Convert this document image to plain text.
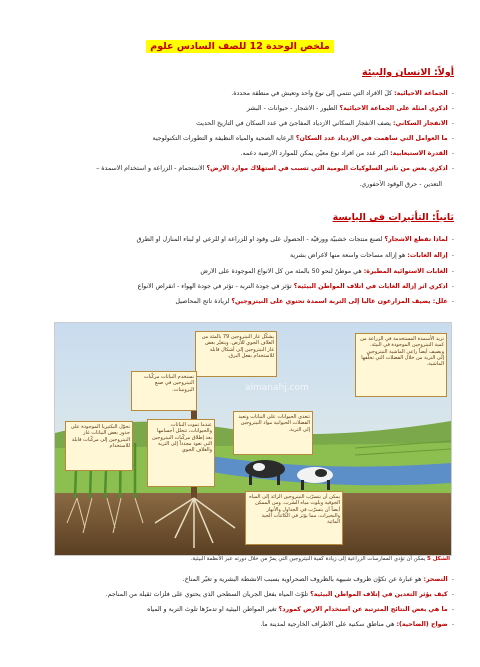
ملخص الوحدة 12 للصف السادس علوم
أولاً: الانسان والبيئة
-الجماعة الأحيائية: كلُّ الأفراد التي تنتمي إلى نوع واحد وتعيش في منطقة محددة.
-اذكري أمثلة على الجماعة الأحيائية؟ الطيور - الأشجار - حيوانات - البشر
-الانفجار السكاني: يصف الانفجار السكاني الازدياد المفاجئ في عدد السكان في التاريخ الحديث
-ما العوامل التي ساهمت في الازدياد عدد السكان؟ الرعاية الصحية والمياه النظيفة و التطورات التكنولوجية
-القدرة الاستيعابية: أكبر عدد من أفراد نوع معيّن يمكن للموارد الأرضية دعمه.
-اذكري بعض من تأثير السلوكيات اليومية التي تسبب في استهلاك موارد الأرض؟ الاستحمام - الزراعة و استخدام الأسمدة –
التعدين - حرق الوقود الأحفوري.
ثانياً: التأثيرات في اليابسة
-لماذا تقطع الأشجار؟ لصنع منتجات خشبيّة وورقيّة - الحصول على وقود او للزراعة او للرعي او لبناء المنازل أو الطرق
-إزالة الغابات: هو إزالة مساحات واسعة منها لأغراض بشرية
-الغابات الاستوائية المطيرة: هي موطنٌ لنحو 50 بالمئة من كل الأنواع الموجودة على الأرض
-اذكري أثر إزالة الغابات في اتلاف المواطن البيئية؟ تؤثر في جودة التربة - تؤثر في جودة الهواء - انقراض الأنواع
-علل: يضيف المزارعون غالباً إلى التربة أسمدة تحتوي على النيتروجين؟ لزيادة ناتج المحاصيل
يشكّل غاز النيتروجين 79 بالمئة من الغلاف الجوي للأرض. ويتغيّر بعض غاز النيتروجين إلى أشكال قابلة للاستخدام بفعل البرق.
تستخدم النباتات مركّبات النيتروجين في صنع البروتينات.
تزيد الأسمدة المستخدمة في الزراعة من كمية النيتروجين الموجودة في البيئة. ويضيف أيضاً راعي الماشية النيتروجين إلى التربة من خلال الفضلات التي تخلّفها الماشية.
تحوّل البكتيريا الموجودة على جذور بعض النباتات غاز النيتروجين إلى مركّبات قابلة للاستخدام
تتغذى الحيوانات على النباتات وتعيد الفضلات الحيوانية مواد النيتروجين إلى التربة.
عندما تموت النباتات والحيوانات، تتحلل أجسامها بعد إطلاق مركّبات النيتروجين التي تعود مجدداً إلى التربة والغلاف الجوي
يمكن أن يتسرّب النيتروجين الزائد إلى المياه الجوفية ويلوث مياه الشرب. ومن الممكن أيضاً أن يتسرّب في الجداول والأنهار والبحيرات، مما يؤثر في الكائنات الحية المائية
almanahj.com
الشكل 5 يمكن أن تؤدي الممارسات الزراعية إلى زيادة كمية النيتروجين التي يمرّ من خلال دورته عبر الأنظمة البيئية.
-التصحر: هو عبارة عن تكوُّن ظروف شبيهة بالظروف الصحراوية بسبب الأنشطة البشرية و تغيُّر المناخ.
-كيف يؤثر التعدين في إتلاف المواطن البيئية؟ تلوّث المياه بفعل الجريان السطحي الذي يحتوي على فلزات ثقيلة من المناجم.
-ما هي بعض النتائج المترتبة عن استخدام الأرض كمورد؟ تغير المواطن البيئية أو تدمرّها تلوث التربة و المياه
-ضواح (الضاحية): هي مناطق سكنية على الأطراف الخارجية لمدينة ما.
